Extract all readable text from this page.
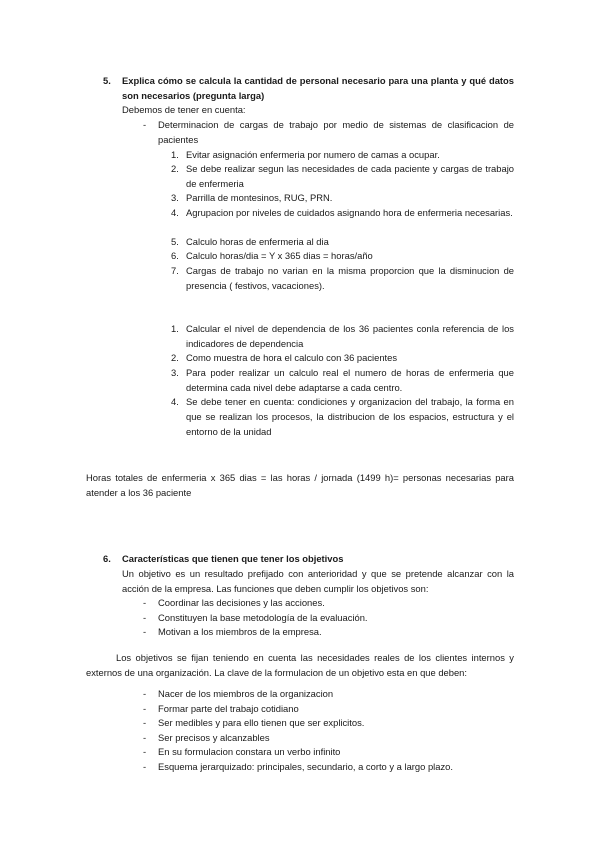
5. Explica cómo se calcula la cantidad de personal necesario para una planta y qué datos son necesarios (pregunta larga)
Debemos de tener en cuenta:
- Determinacion de cargas de trabajo por medio de sistemas de clasificacion de pacientes
1. Evitar asignación enfermeria por numero de camas a ocupar.
2. Se debe realizar segun las necesidades de cada paciente y cargas de trabajo de enfermeria
3. Parrilla de montesinos, RUG, PRN.
4. Agrupacion por niveles de cuidados asignando hora de enfermeria necesarias.
5. Calculo horas de enfermeria al dia
6. Calculo horas/dia = Y x 365 dias = horas/año
7. Cargas de trabajo no varian en la misma proporcion que la disminucion de presencia ( festivos, vacaciones).
1. Calcular el nivel de dependencia de los 36 pacientes conla referencia de los indicadores de dependencia
2. Como muestra de hora el calculo con 36 pacientes
3. Para poder realizar un calculo real el numero de horas de enfermeria que determina cada nivel debe adaptarse a cada centro.
4. Se debe tener en cuenta: condiciones y organizacion del trabajo, la forma en que se realizan los procesos, la distribucion de los espacios, estructura y el entorno de la unidad
Horas totales de enfermeria x 365 dias = las horas / jornada (1499 h)= personas necesarias para atender a los 36 paciente
6. Características que tienen que tener los objetivos
Un objetivo es un resultado prefijado con anterioridad y que se pretende alcanzar con la acción de la empresa. Las funciones que deben cumplir los objetivos son:
- Coordinar las decisiones y las acciones.
- Constituyen la base metodología de la evaluación.
- Motivan a los miembros de la empresa.
Los objetivos se fijan teniendo en cuenta las necesidades reales de los clientes internos y externos de una organización. La clave de la formulacion de un objetivo esta en que deben:
- Nacer de los miembros de la organizacion
- Formar parte del trabajo cotidiano
- Ser medibles y para ello tienen que ser explicitos.
- Ser precisos y alcanzables
- En su formulacion constara un verbo infinito
- Esquema jerarquizado: principales, secundario, a corto y a largo plazo.
